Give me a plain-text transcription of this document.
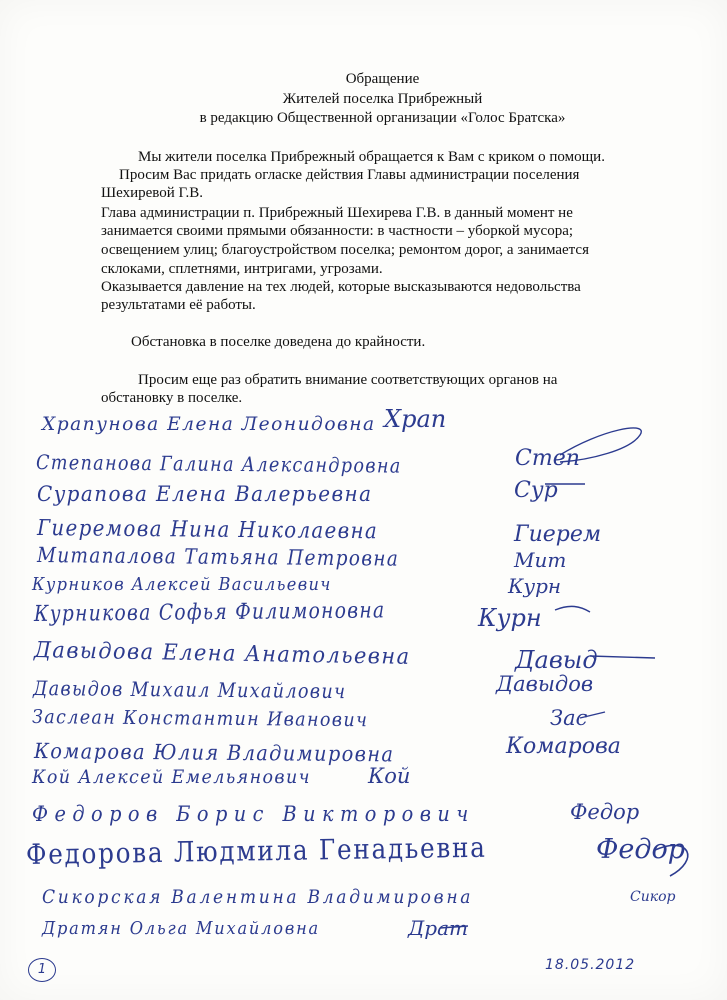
Обращение
Жителей поселка Прибрежный
в редакцию Общественной организации «Голос Братска»
Мы жители поселка Прибрежный обращается к Вам с криком о помощи.
Просим Вас придать огласке действия Главы администрации поселения
Шехиревой Г.В.
Глава администрации п. Прибрежный Шехирева Г.В. в данный момент не
занимается своими прямыми обязанности: в частности – уборкой мусора;
освещением улиц; благоустройством поселка; ремонтом дорог, а занимается
склоками, сплетнями, интригами, угрозами.
Оказывается давление на тех людей, которые высказываются недовольства
результатами её работы.
Обстановка в поселке доведена до крайности.
Просим еще раз обратить внимание соответствующих органов на
обстановку в поселке.
Храпунова Елена Леонидовна Храп
Степанова Галина Александровна	Степ
Сурапова Елена Валерьевна	Сур
Гиеремова Нина Николаевна	Гиерем
Митапалова Татьяна Петровна	Мит
Курников Алексей Васильевич	Курн
Курникова Софья Филимоновна	Курн
Давыдова Елена Анатольевна	Давыд
Давыдов Михаил Михайлович	Давыдов
Заслеан Константин Иванович	Зас
Комарова Юлия Владимировна	Комарова
Кой Алексей Емельянович	Кой
Федоров Борис Викторович	Федор
Федорова Людмила Генадьевна	Федор
Сикорская Валентина Владимировна	Сикор
Дратян Ольга Михайловна	Драт
1	18.05.2012
